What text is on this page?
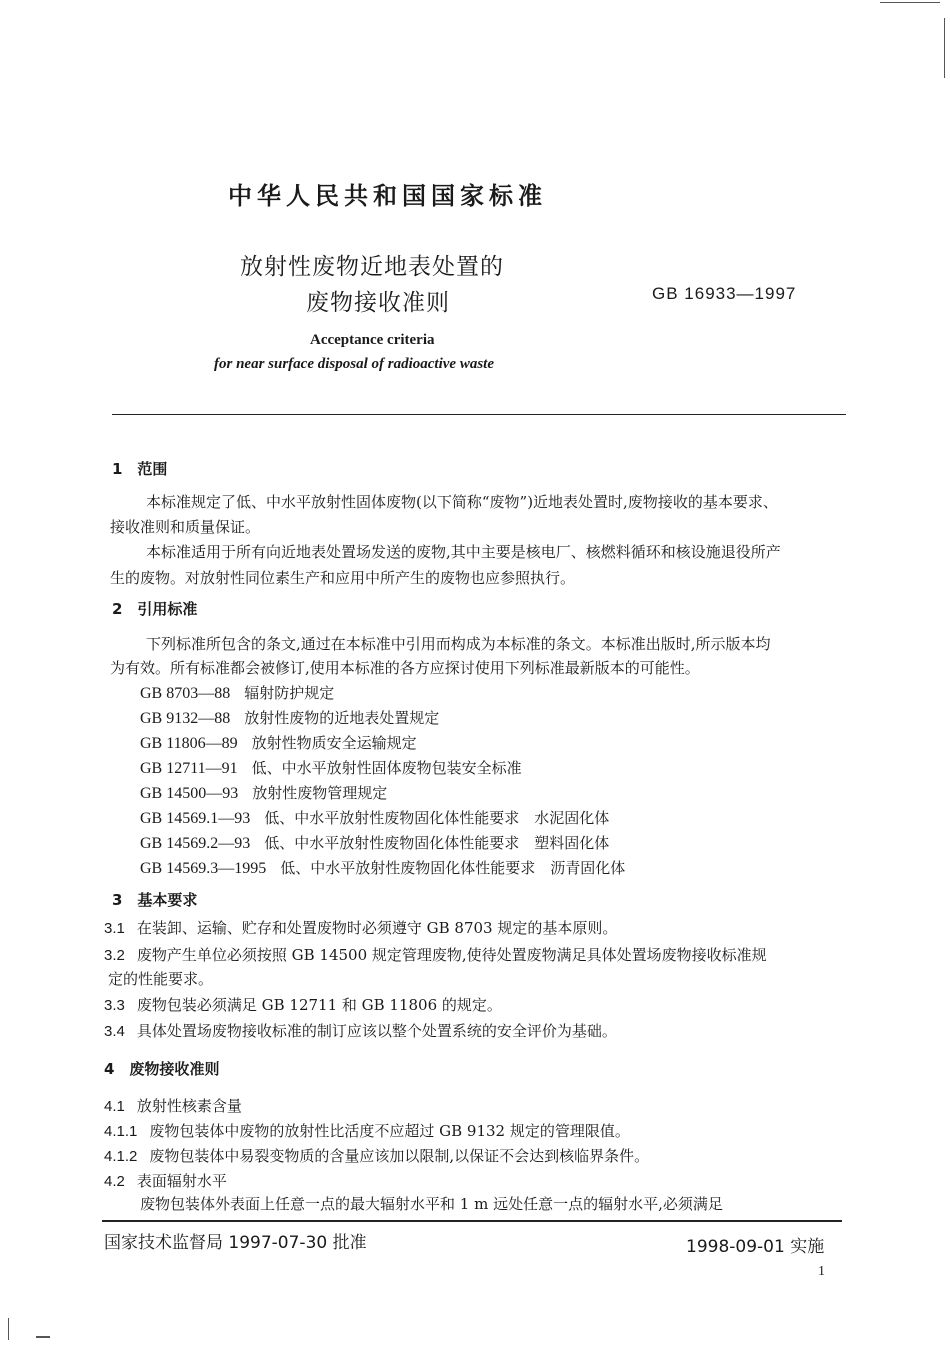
中华人民共和国国家标准
放射性废物近地表处置的
废物接收准则	GB 16933—1997
Acceptance criteria
for near surface disposal of radioactive waste
1　范围
本标准规定了低、中水平放射性固体废物(以下简称“废物”)近地表处置时,废物接收的基本要求、
接收准则和质量保证。
本标准适用于所有向近地表处置场发送的废物,其中主要是核电厂、核燃料循环和核设施退役所产
生的废物。对放射性同位素生产和应用中所产生的废物也应参照执行。
2　引用标准
下列标准所包含的条文,通过在本标准中引用而构成为本标准的条文。本标准出版时,所示版本均
为有效。所有标准都会被修订,使用本标准的各方应探讨使用下列标准最新版本的可能性。
GB 8703—88 辐射防护规定
GB 9132—88 放射性废物的近地表处置规定
GB 11806—89 放射性物质安全运输规定
GB 12711—91 低、中水平放射性固体废物包装安全标准
GB 14500—93 放射性废物管理规定
GB 14569.1—93 低、中水平放射性废物固化体性能要求　水泥固化体
GB 14569.2—93 低、中水平放射性废物固化体性能要求　塑料固化体
GB 14569.3—1995 低、中水平放射性废物固化体性能要求　沥青固化体
3　基本要求
3.1 在装卸、运输、贮存和处置废物时必须遵守 GB 8703 规定的基本原则。
3.2 废物产生单位必须按照 GB 14500 规定管理废物,使待处置废物满足具体处置场废物接收标准规
定的性能要求。
3.3 废物包装必须满足 GB 12711 和 GB 11806 的规定。
3.4 具体处置场废物接收标准的制订应该以整个处置系统的安全评价为基础。
4　废物接收准则
4.1 放射性核素含量
4.1.1 废物包装体中废物的放射性比活度不应超过 GB 9132 规定的管理限值。
4.1.2 废物包装体中易裂变物质的含量应该加以限制,以保证不会达到核临界条件。
4.2 表面辐射水平
废物包装体外表面上任意一点的最大辐射水平和 1 m 远处任意一点的辐射水平,必须满足
国家技术监督局 1997-07-30 批准	1998-09-01 实施
1
